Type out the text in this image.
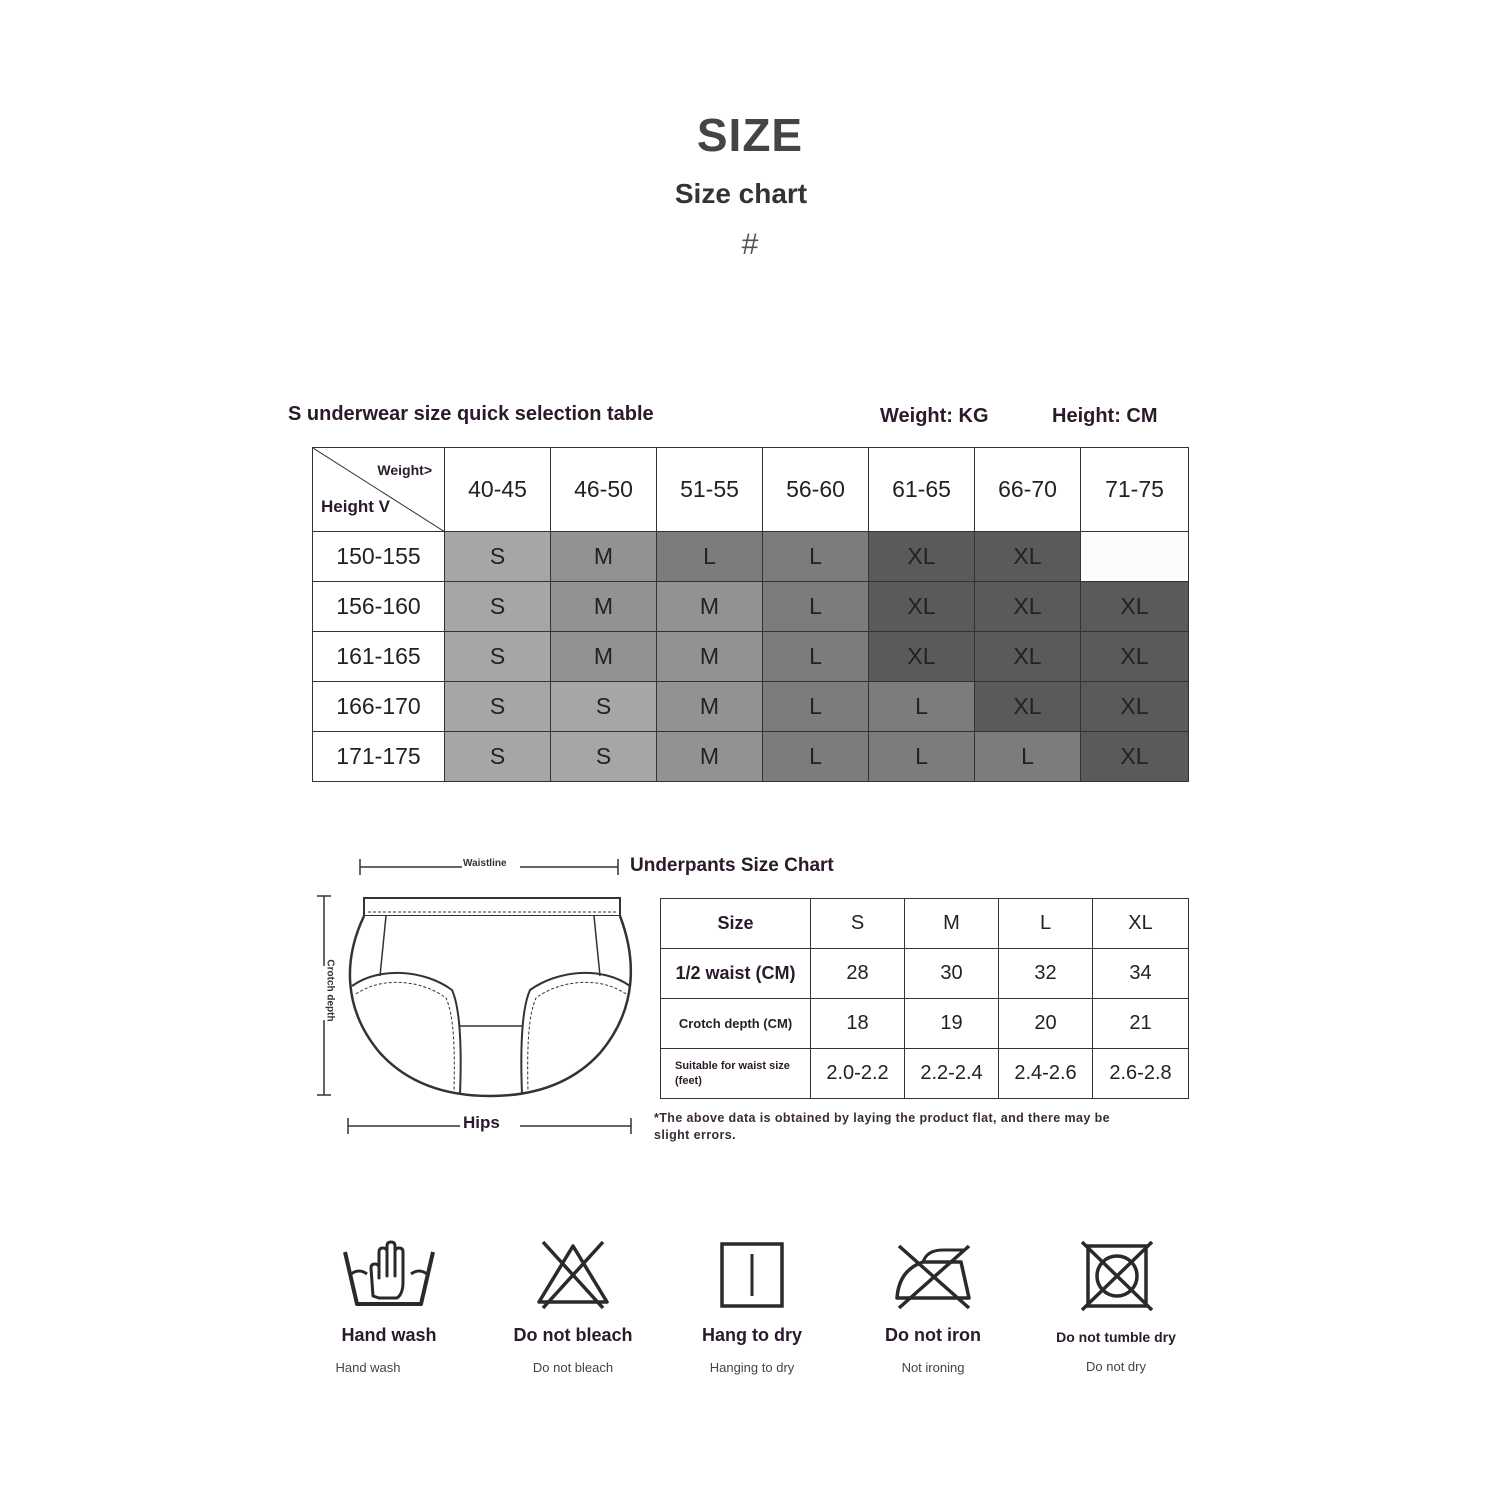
SIZE
Size chart
#
S underwear size quick selection table	Weight: KG	Height: CM
Weight>
Height V	40-45	46-50	51-55	56-60	61-65	66-70	71-75
150-155	S	M	L	L	XL	XL	
156-160	S	M	M	L	XL	XL	XL
161-165	S	M	M	L	XL	XL	XL
166-170	S	S	M	L	L	XL	XL
171-175	S	S	M	L	L	L	XL
Waistline
Crotch depth
Hips
Underpants Size Chart
Size	S	M	L	XL
1/2 waist (CM)	28	30	32	34
Crotch depth (CM)	18	19	20	21
Suitable for waist size (feet)	2.0-2.2	2.2-2.4	2.4-2.6	2.6-2.8
*The above data is obtained by laying the product flat, and there may be slight errors.
Hand wash
Hand wash
Do not bleach
Do not bleach
Hang to dry
Hanging to dry
Do not iron
Not ironing
Do not tumble dry
Do not dry
